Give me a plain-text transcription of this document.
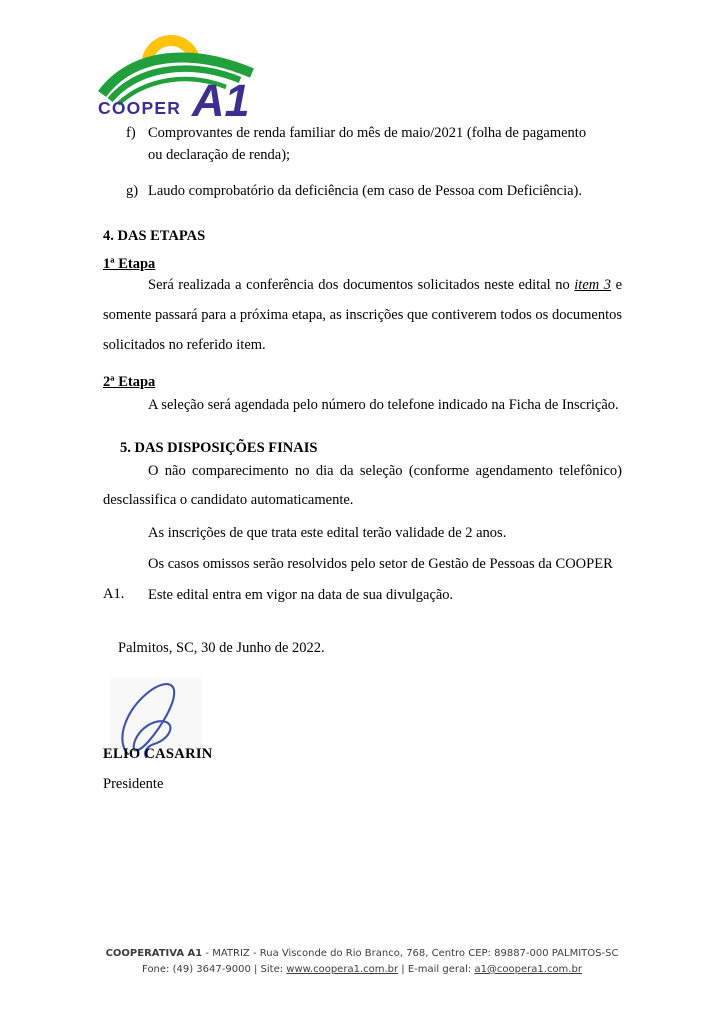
COOPER A1
f) Comprovantes de renda familiar do mês de maio/2021 (folha de pagamento ou declaração de renda);
g) Laudo comprobatório da deficiência (em caso de Pessoa com Deficiência).
4. DAS ETAPAS
1ª Etapa
Será realizada a conferência dos documentos solicitados neste edital no item 3 e somente passará para a próxima etapa, as inscrições que contiverem todos os documentos solicitados no referido item.
2ª Etapa
A seleção será agendada pelo número do telefone indicado na Ficha de Inscrição.
5. DAS DISPOSIÇÕES FINAIS
O não comparecimento no dia da seleção (conforme agendamento telefônico) desclassifica o candidato automaticamente.
As inscrições de que trata este edital terão validade de 2 anos.
Os casos omissos serão resolvidos pelo setor de Gestão de Pessoas da COOPER A1.	Este edital entra em vigor na data de sua divulgação.
Palmitos, SC, 30 de Junho de 2022.
ELIO CASARIN
Presidente
COOPERATIVA A1 - MATRIZ - Rua Visconde do Rio Branco, 768, Centro CEP: 89887-000 PALMITOS-SC
Fone: (49) 3647-9000 | Site: www.coopera1.com.br | E-mail geral: a1@coopera1.com.br
